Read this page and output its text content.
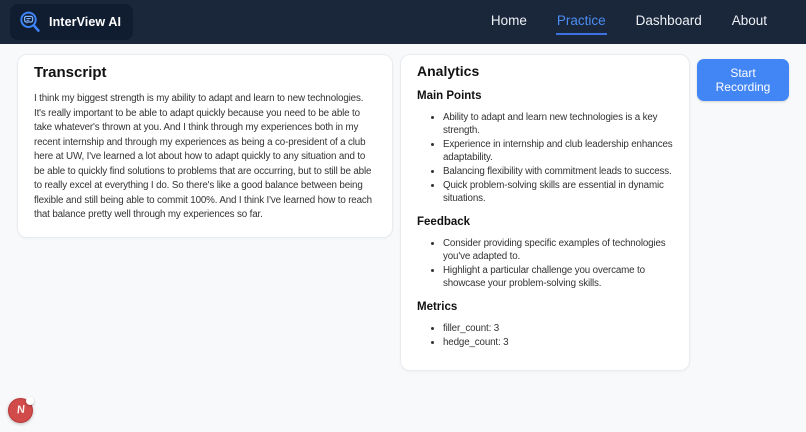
InterView AI	Home Practice Dashboard About
Transcript

I think my biggest strength is my ability to adapt and learn to new technologies. It's really important to be able to adapt quickly because you need to be able to take whatever's thrown at you. And I think through my experiences both in my recent internship and through my experiences as being a co-president of a club here at UW, I've learned a lot about how to adapt quickly to any situation and to be able to quickly find solutions to problems that are occurring, but to still be able to really excel at everything I do. So there's like a good balance between being flexible and still being able to commit 100%. And I think I've learned how to reach that balance pretty well through my experiences so far.

Analytics
Main Points
• Ability to adapt and learn new technologies is a key strength.
• Experience in internship and club leadership enhances adaptability.
• Balancing flexibility with commitment leads to success.
• Quick problem-solving skills are essential in dynamic situations.
Feedback
• Consider providing specific examples of technologies you've adapted to.
• Highlight a particular challenge you overcame to showcase your problem-solving skills.
Metrics
• filler_count: 3
• hedge_count: 3
Start Recording
N
